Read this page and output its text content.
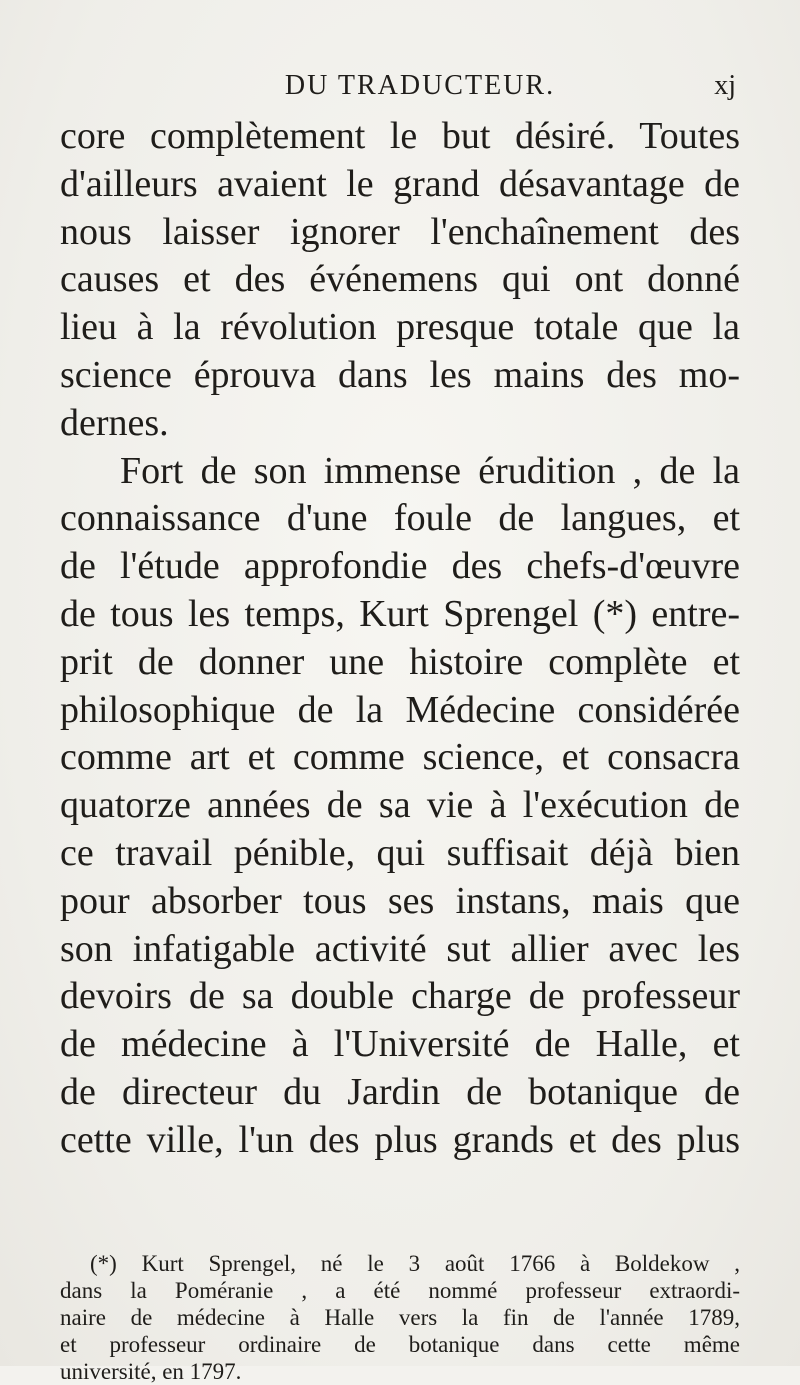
DU TRADUCTEUR.	xj
core complètement le but désiré. Toutes
d'ailleurs avaient le grand désavantage de
nous laisser ignorer l'enchaînement des
causes et des événemens qui ont donné
lieu à la révolution presque totale que la
science éprouva dans les mains des mo-
dernes.
Fort de son immense érudition , de la
connaissance d'une foule de langues, et
de l'étude approfondie des chefs-d'œuvre
de tous les temps, Kurt Sprengel (*) entre-
prit de donner une histoire complète et
philosophique de la Médecine considérée
comme art et comme science, et consacra
quatorze années de sa vie à l'exécution de
ce travail pénible, qui suffisait déjà bien
pour absorber tous ses instans, mais que
son infatigable activité sut allier avec les
devoirs de sa double charge de professeur
de médecine à l'Université de Halle, et
de directeur du Jardin de botanique de
cette ville, l'un des plus grands et des plus
(*) Kurt Sprengel, né le 3 août 1766 à Boldekow ,
dans la Poméranie , a été nommé professeur extraordi-
naire de médecine à Halle vers la fin de l'année 1789,
et professeur ordinaire de botanique dans cette même
université, en 1797.
